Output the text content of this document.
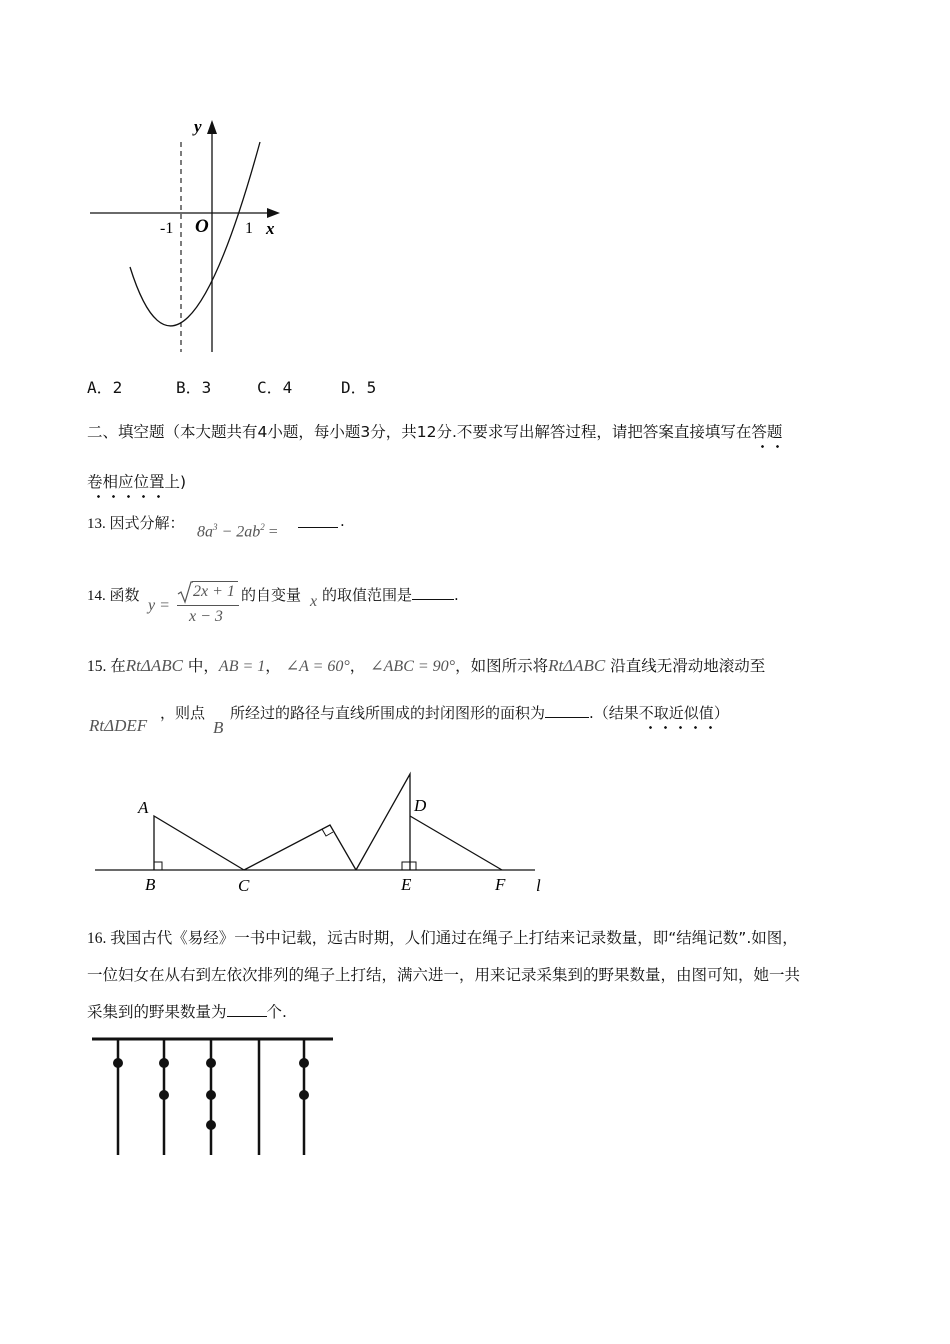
y
x
O
-1	1
A．2	B．3	C．4	D．5
二、填空题（本大题共有4小题，每小题3分，共12分.不要求写出解答过程，请把答案直接填写在答题
卷相应位置上)
13. 因式分解： $8a^3 - 2ab^2$ =
.
14. 函数
y =
2x + 1
x − 3
的自变量 x 的取值范围是	.
15. 在RtΔABC 中，AB = 1， ∠A = 60°， ∠ABC = 90°，如图所示将RtΔABC 沿直线无滑动地滚动至
RtΔDEF
，则点
B
所经过的路径与直线所围成的封闭图形的面积为	.（结果不取近似值）
A
B	C
D
E	F l
16. 我国古代《易经》一书中记载，远古时期，人们通过在绳子上打结来记录数量，即“结绳记数”.如图，
一位妇女在从右到左依次排列的绳子上打结，满六进一，用来记录采集到的野果数量，由图可知，她一共
采集到的野果数量为	个.
